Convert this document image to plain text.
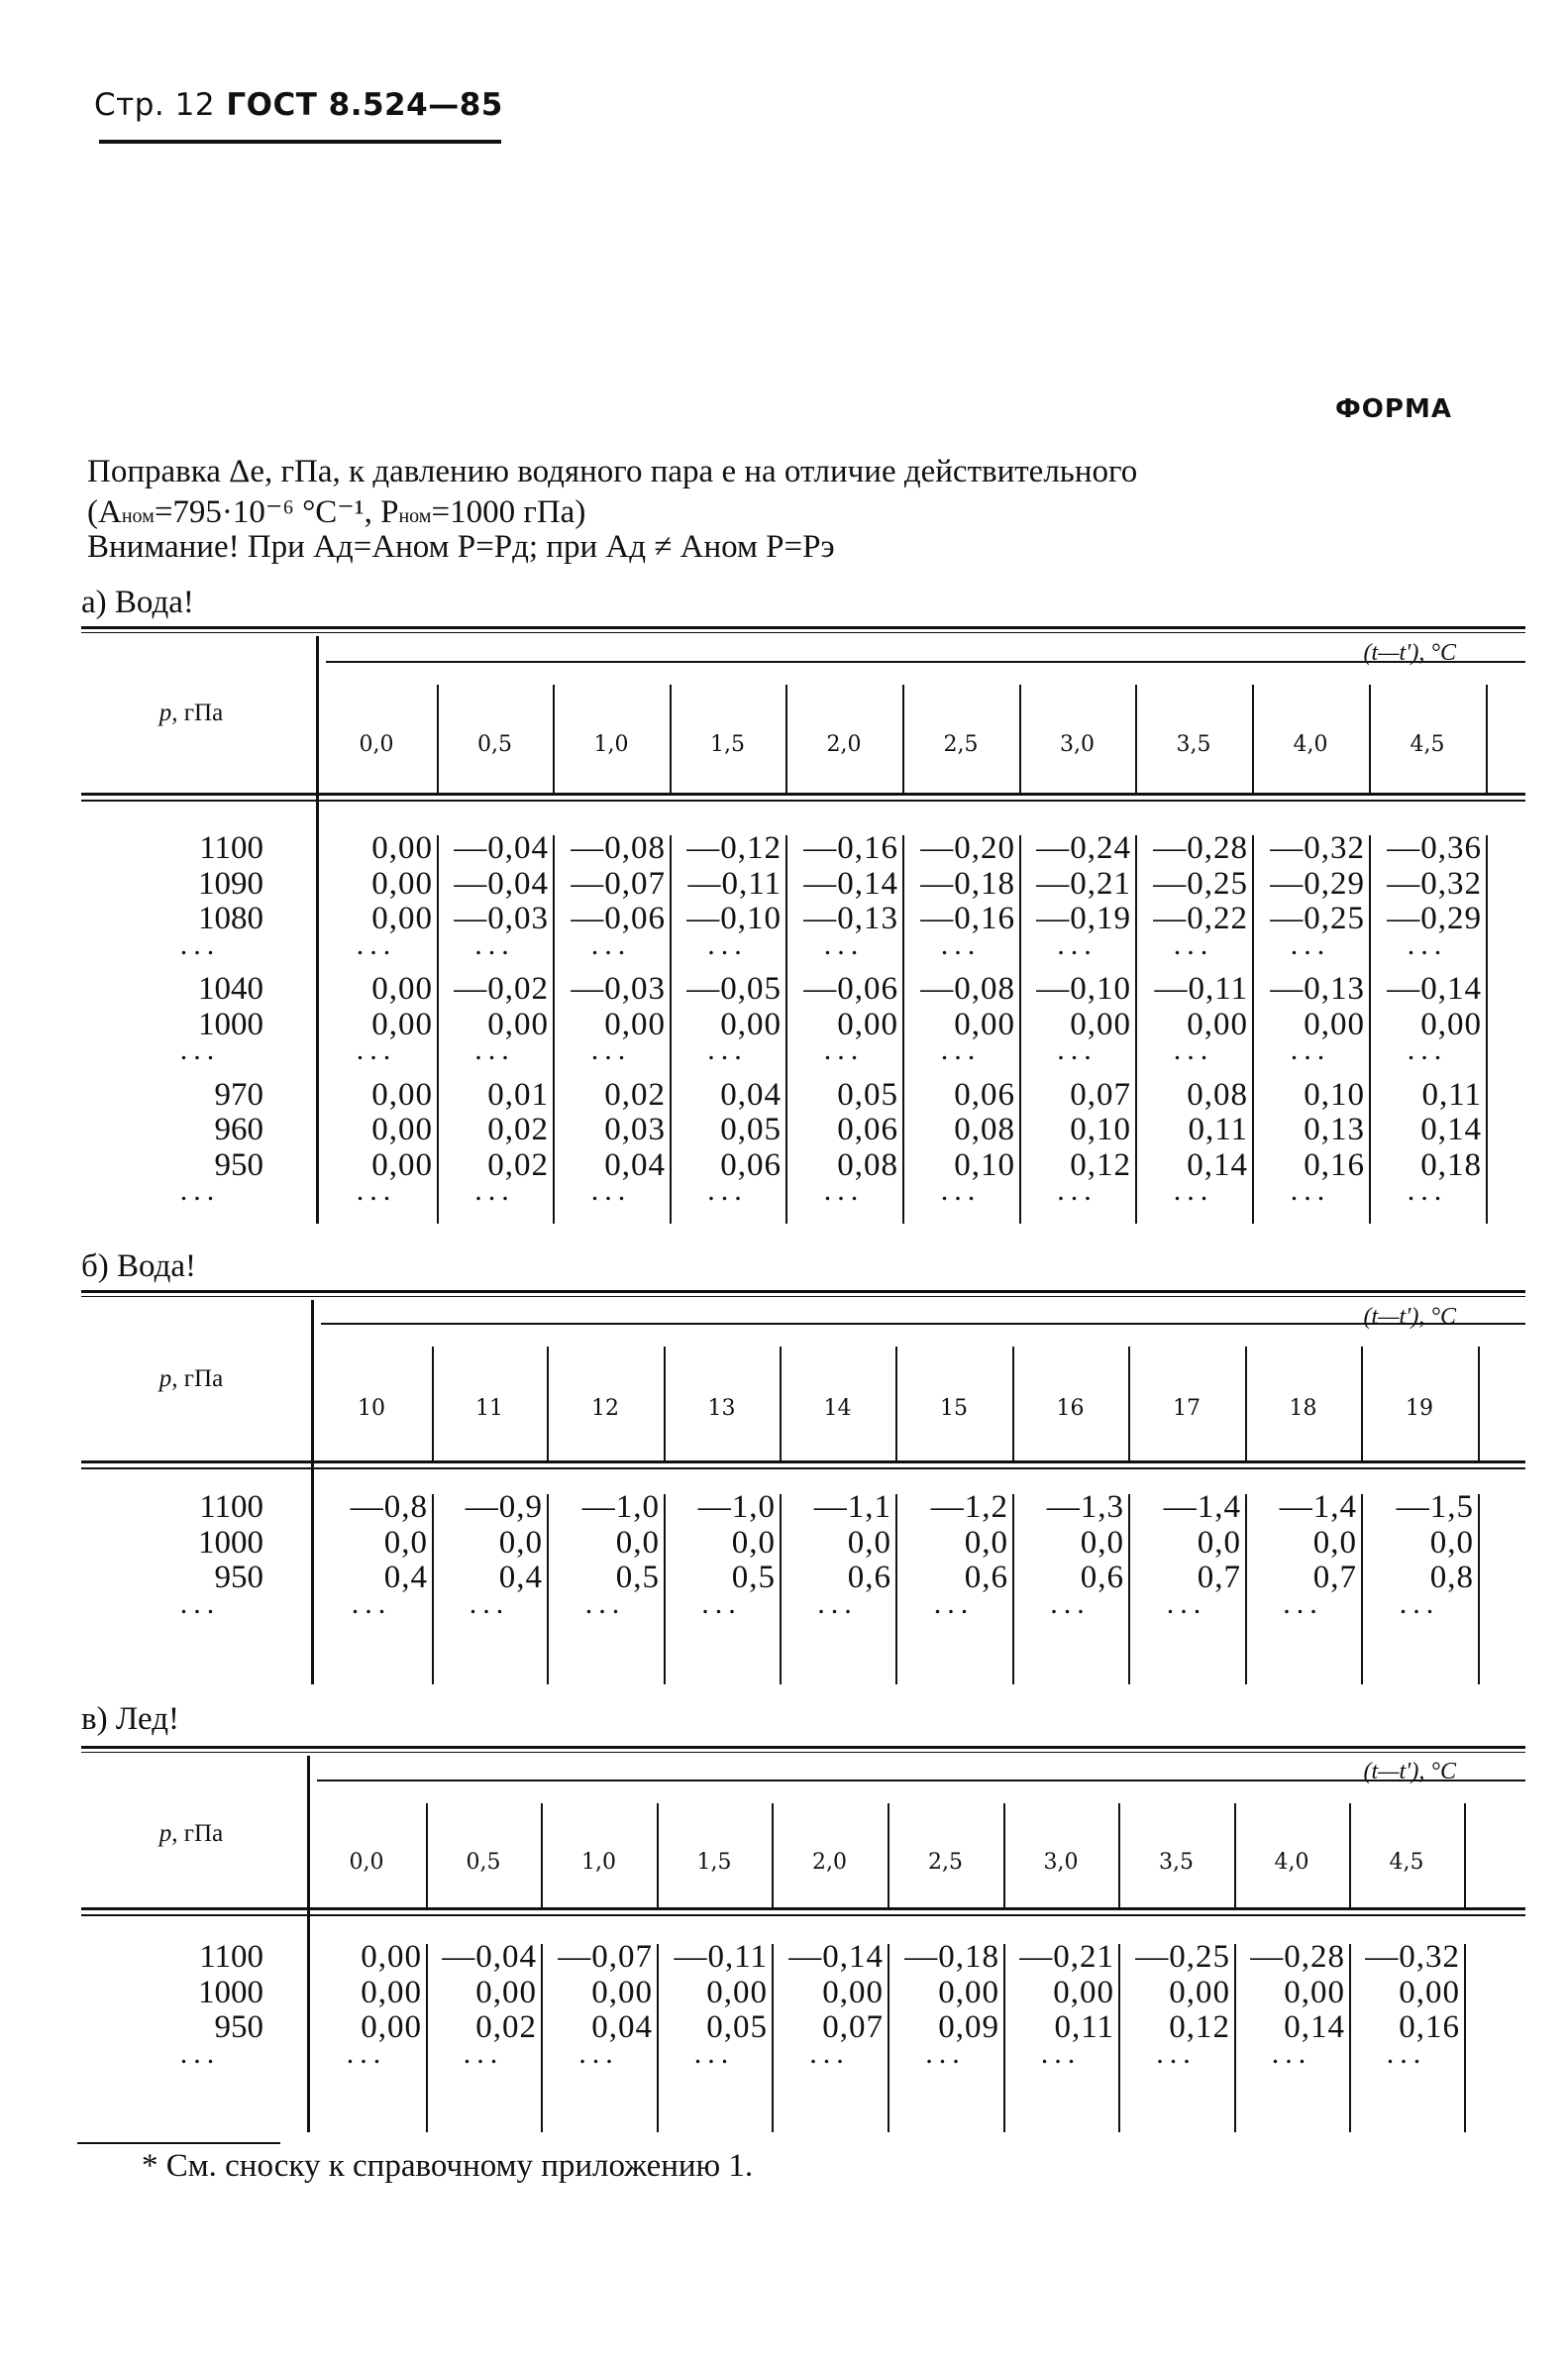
Стр. 12 ГОСТ 8.524—85
ФОРМА
Поправка Δe, гПа, к давлению водяного пара e на отличие действительного
(Aном=795·10⁻⁶ °C⁻¹, Pном=1000 гПа)
Внимание! При Aд=Aном P=Pд; при Aд ≠ Aном P=Pэ
* См. сноску к справочному приложению 1.
а) Вода!
p, гПа
(t—t′), °C
0,0	0,5	1,0	1,5	2,0	2,5	3,0	3,5	4,0	4,5
1100	0,00 —0,04 —0,08 —0,12 —0,16 —0,20 —0,24 —0,28 —0,32 —0,36
1090	0,00 —0,04 —0,07 —0,11 —0,14 —0,18 —0,21 —0,25 —0,29 —0,32
1080	0,00 —0,03 —0,06 —0,10 —0,13 —0,16 —0,19 —0,22 —0,25 —0,29
...	...	...	...	...	...	...	...	...	...	...
1040	0,00 —0,02 —0,03 —0,05 —0,06 —0,08 —0,10 —0,11 —0,13 —0,14
1000	0,00	0,00	0,00	0,00	0,00	0,00	0,00	0,00	0,00	0,00
...	...	...	...	...	...	...	...	...	...	...
970	0,00	0,01	0,02	0,04	0,05	0,06	0,07	0,08	0,10	0,11
960	0,00	0,02	0,03	0,05	0,06	0,08	0,10	0,11	0,13	0,14
950	0,00	0,02	0,04	0,06	0,08	0,10	0,12	0,14	0,16	0,18
...	...	...	...	...	...	...	...	...	...	...
б) Вода!
p, гПа
(t—t′), °C
10	11	12	13	14	15	16	17	18	19
1100	—0,8	—0,9	—1,0	—1,0	—1,1	—1,2	—1,3	—1,4	—1,4	—1,5
1000	0,0	0,0	0,0	0,0	0,0	0,0	0,0	0,0	0,0	0,0
950	0,4	0,4	0,5	0,5	0,6	0,6	0,6	0,7	0,7	0,8
...	...	...	...	...	...	...	...	...	...	...
в) Лед!
p, гПа
(t—t′), °C
0,0	0,5	1,0	1,5	2,0	2,5	3,0	3,5	4,0	4,5
1100	0,00 —0,04 —0,07 —0,11 —0,14 —0,18 —0,21 —0,25 —0,28 —0,32
1000	0,00	0,00	0,00	0,00	0,00	0,00	0,00	0,00	0,00	0,00
950	0,00	0,02	0,04	0,05	0,07	0,09	0,11	0,12	0,14	0,16
...	...	...	...	...	...	...	...	...	...	...
